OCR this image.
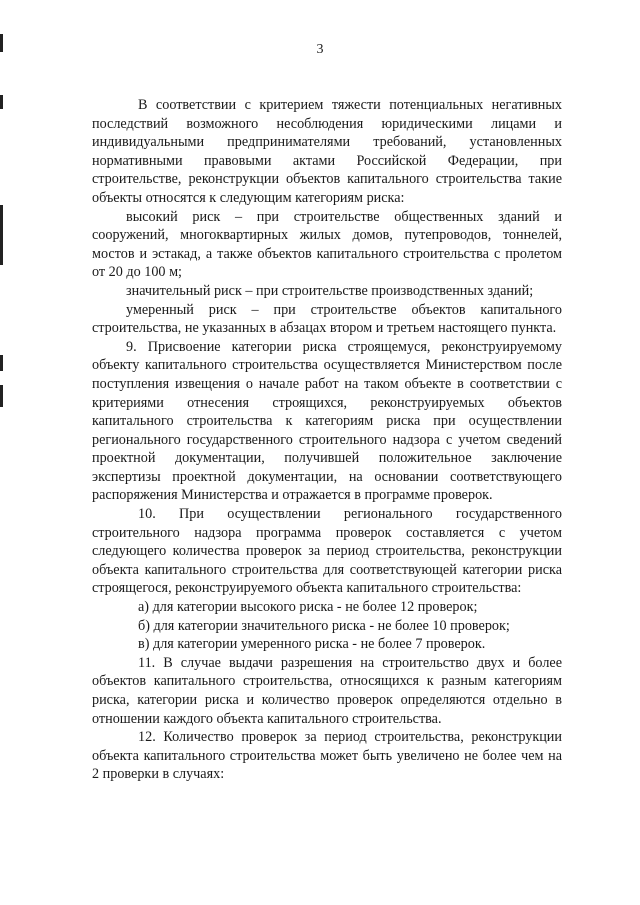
3

В соответствии с критерием тяжести потенциальных негативных последствий возможного несоблюдения юридическими лицами и индивидуальными предпринимателями требований, установленных нормативными правовыми актами Российской Федерации, при строительстве, реконструкции объектов капитального строительства такие объекты относятся к следующим категориям риска:

высокий риск – при строительстве общественных зданий и сооружений, многоквартирных жилых домов, путепроводов, тоннелей, мостов и эстакад, а также объектов капитального строительства с пролетом от 20 до 100 м;

значительный риск – при строительстве производственных зданий;

умеренный риск – при строительстве объектов капитального строительства, не указанных в абзацах втором и третьем настоящего пункта.

9. Присвоение категории риска строящемуся, реконструируемому объекту капитального строительства осуществляется Министерством после поступления извещения о начале работ на таком объекте в соответствии с критериями отнесения строящихся, реконструируемых объектов капитального строительства к категориям риска при осуществлении регионального государственного строительного надзора с учетом сведений проектной документации, получившей положительное заключение экспертизы проектной документации, на основании соответствующего распоряжения Министерства и отражается в программе проверок.

10. При осуществлении регионального государственного строительного надзора программа проверок составляется с учетом следующего количества проверок за период строительства, реконструкции объекта капитального строительства для соответствующей категории риска строящегося, реконструируемого объекта капитального строительства:

а) для категории высокого риска - не более 12 проверок;

б) для категории значительного риска - не более 10 проверок;

в) для категории умеренного риска - не более 7 проверок.

11. В случае выдачи разрешения на строительство двух и более объектов капитального строительства, относящихся к разным категориям риска, категории риска и количество проверок определяются отдельно в отношении каждого объекта капитального строительства.

12. Количество проверок за период строительства, реконструкции объекта капитального строительства может быть увеличено не более чем на 2 проверки в случаях:
